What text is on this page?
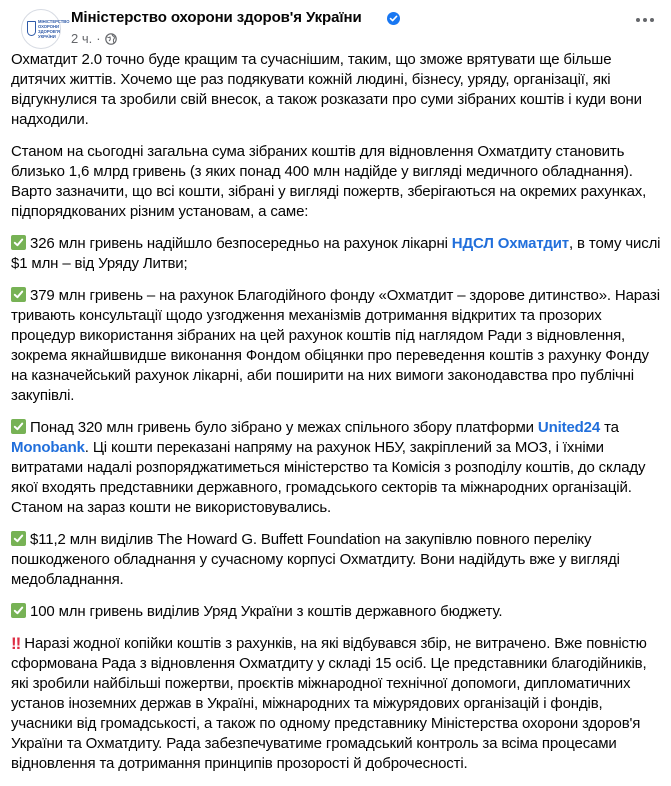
МІНІСТЕРСТВО
ОХОРОНИ
ЗДОРОВ'Я
УКРАЇНИ
Міністерство охорони здоров'я України
2 ч. ·

Охматдит 2.0 точно буде кращим та сучаснішим, таким, що зможе врятувати ще більше дитячих життів. Хочемо ще раз подякувати кожній людині, бізнесу, уряду, організації, які відгукнулися та зробили свій внесок, а також розказати про суми зібраних коштів і куди вони надходили.

Станом на сьогодні загальна сума зібраних коштів для відновлення Охматдиту становить близько 1,6 млрд гривень (з яких понад 400 млн надійде у вигляді медичного обладнання). Варто зазначити, що всі кошти, зібрані у вигляді пожертв, зберігаються на окремих рахунках, підпорядкованих різним установам, а саме:

326 млн гривень надійшло безпосередньо на рахунок лікарні НДСЛ Охматдит, в тому числі $1 млн – від Уряду Литви;

379 млн гривень – на рахунок Благодійного фонду «Охматдит – здорове дитинство». Наразі тривають консультації щодо узгодження механізмів дотримання відкритих та прозорих процедур використання зібраних на цей рахунок коштів під наглядом Ради з відновлення, зокрема якнайшвидше виконання Фондом обіцянки про переведення коштів з рахунку Фонду на казначейський рахунок лікарні, аби поширити на них вимоги законодавства про публічні закупівлі.

Понад 320 млн гривень було зібрано у межах спільного збору платформи United24 та Monobank. Ці кошти переказані напряму на рахунок НБУ, закріплений за МОЗ, і їхніми витратами надалі розпоряджатиметься міністерство та Комісія з розподілу коштів, до складу якої входять представники державного, громадського секторів та міжнародних організацій. Станом на зараз кошти не використовувались.

$11,2 млн виділив The Howard G. Buffett Foundation на закупівлю повного переліку пошкодженого обладнання у сучасному корпусі Охматдиту. Вони надійдуть вже у вигляді медобладнання.

100 млн гривень виділив Уряд України з коштів державного бюджету.

‼ Наразі жодної копійки коштів з рахунків, на які відбувався збір, не витрачено. Вже повністю сформована Рада з відновлення Охматдиту у складі 15 осіб. Це представники благодійників, які зробили найбільші пожертви, проєктів міжнародної технічної допомоги, дипломатичних установ іноземних держав в Україні, міжнародних та міжурядових організацій і фондів, учасники від громадськості, а також по одному представнику Міністерства охорони здоров'я України та Охматдиту. Рада забезпечуватиме громадський контроль за всіма процесами відновлення та дотримання принципів прозорості й доброчесності.
